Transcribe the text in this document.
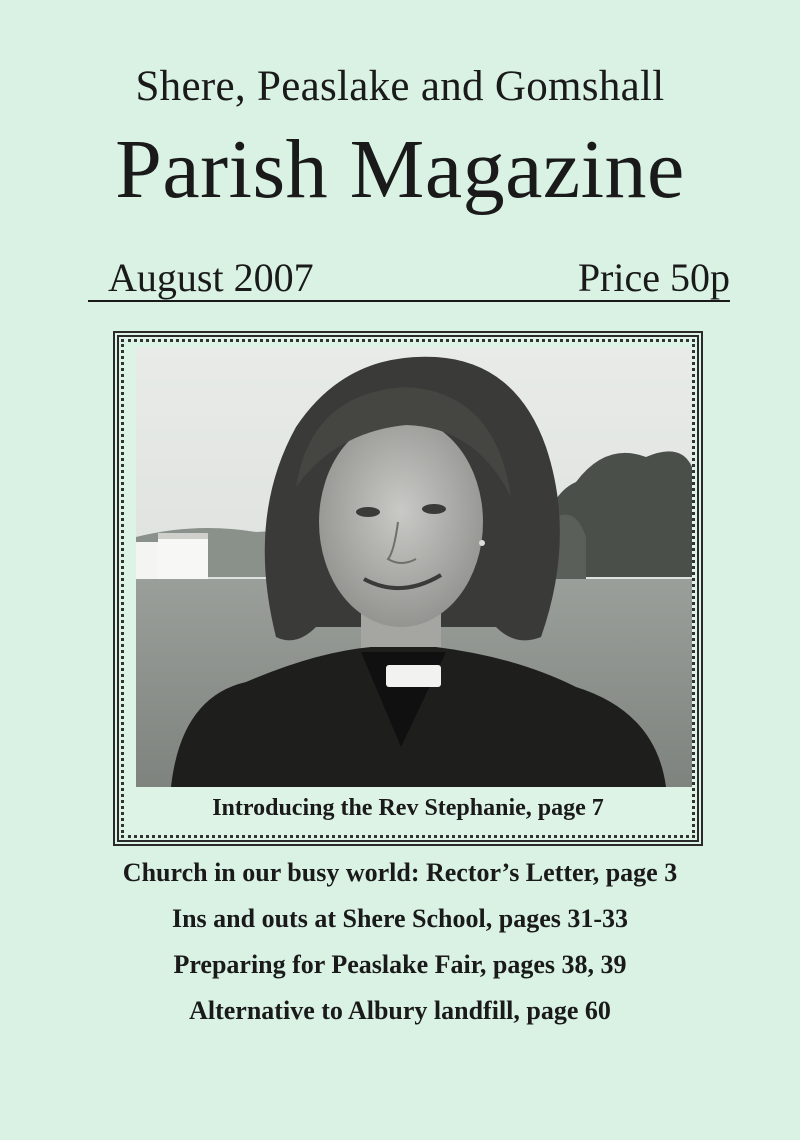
Shere, Peaslake and Gomshall
Parish Magazine
August 2007	Price 50p
Introducing the Rev Stephanie, page 7
Church in our busy world: Rector’s Letter, page 3
Ins and outs at Shere School, pages 31-33
Preparing for Peaslake Fair, pages 38, 39
Alternative to Albury landfill, page 60
